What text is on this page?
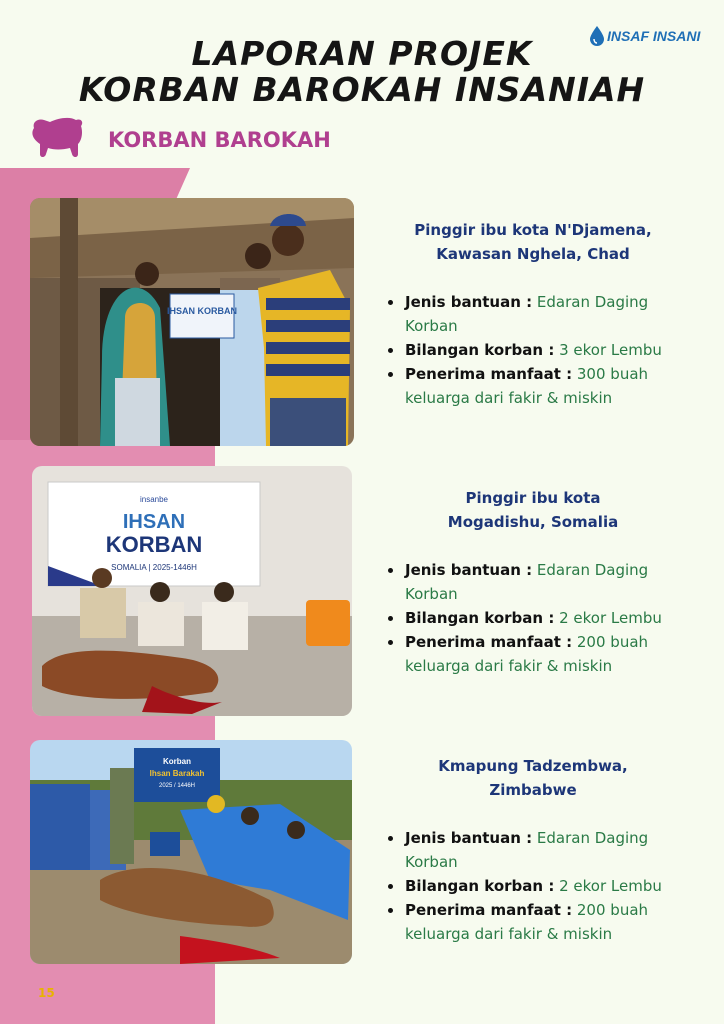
LAPORAN PROJEK
KORBAN BAROKAH INSANIAH
INSAF INSANI
KORBAN BAROKAH
IHSAN KORBAN
Pinggir ibu kota N'Djamena,
Kawasan Nghela, Chad
Jenis bantuan : Edaran Daging Korban
Bilangan korban : 3 ekor Lembu
Penerima manfaat : 300 buah keluarga dari fakir & miskin
insanbe
IHSAN
KORBAN
SOMALIA | 2025-1446H
Pinggir ibu kota
Mogadishu, Somalia
Jenis bantuan : Edaran Daging Korban
Bilangan korban : 2 ekor Lembu
Penerima manfaat : 200 buah keluarga dari fakir & miskin
Korban
Ihsan Barakah
2025 / 1446H
Kmapung Tadzembwa,
Zimbabwe
Jenis bantuan : Edaran Daging Korban
Bilangan korban : 2 ekor Lembu
Penerima manfaat : 200 buah keluarga dari fakir & miskin
15
